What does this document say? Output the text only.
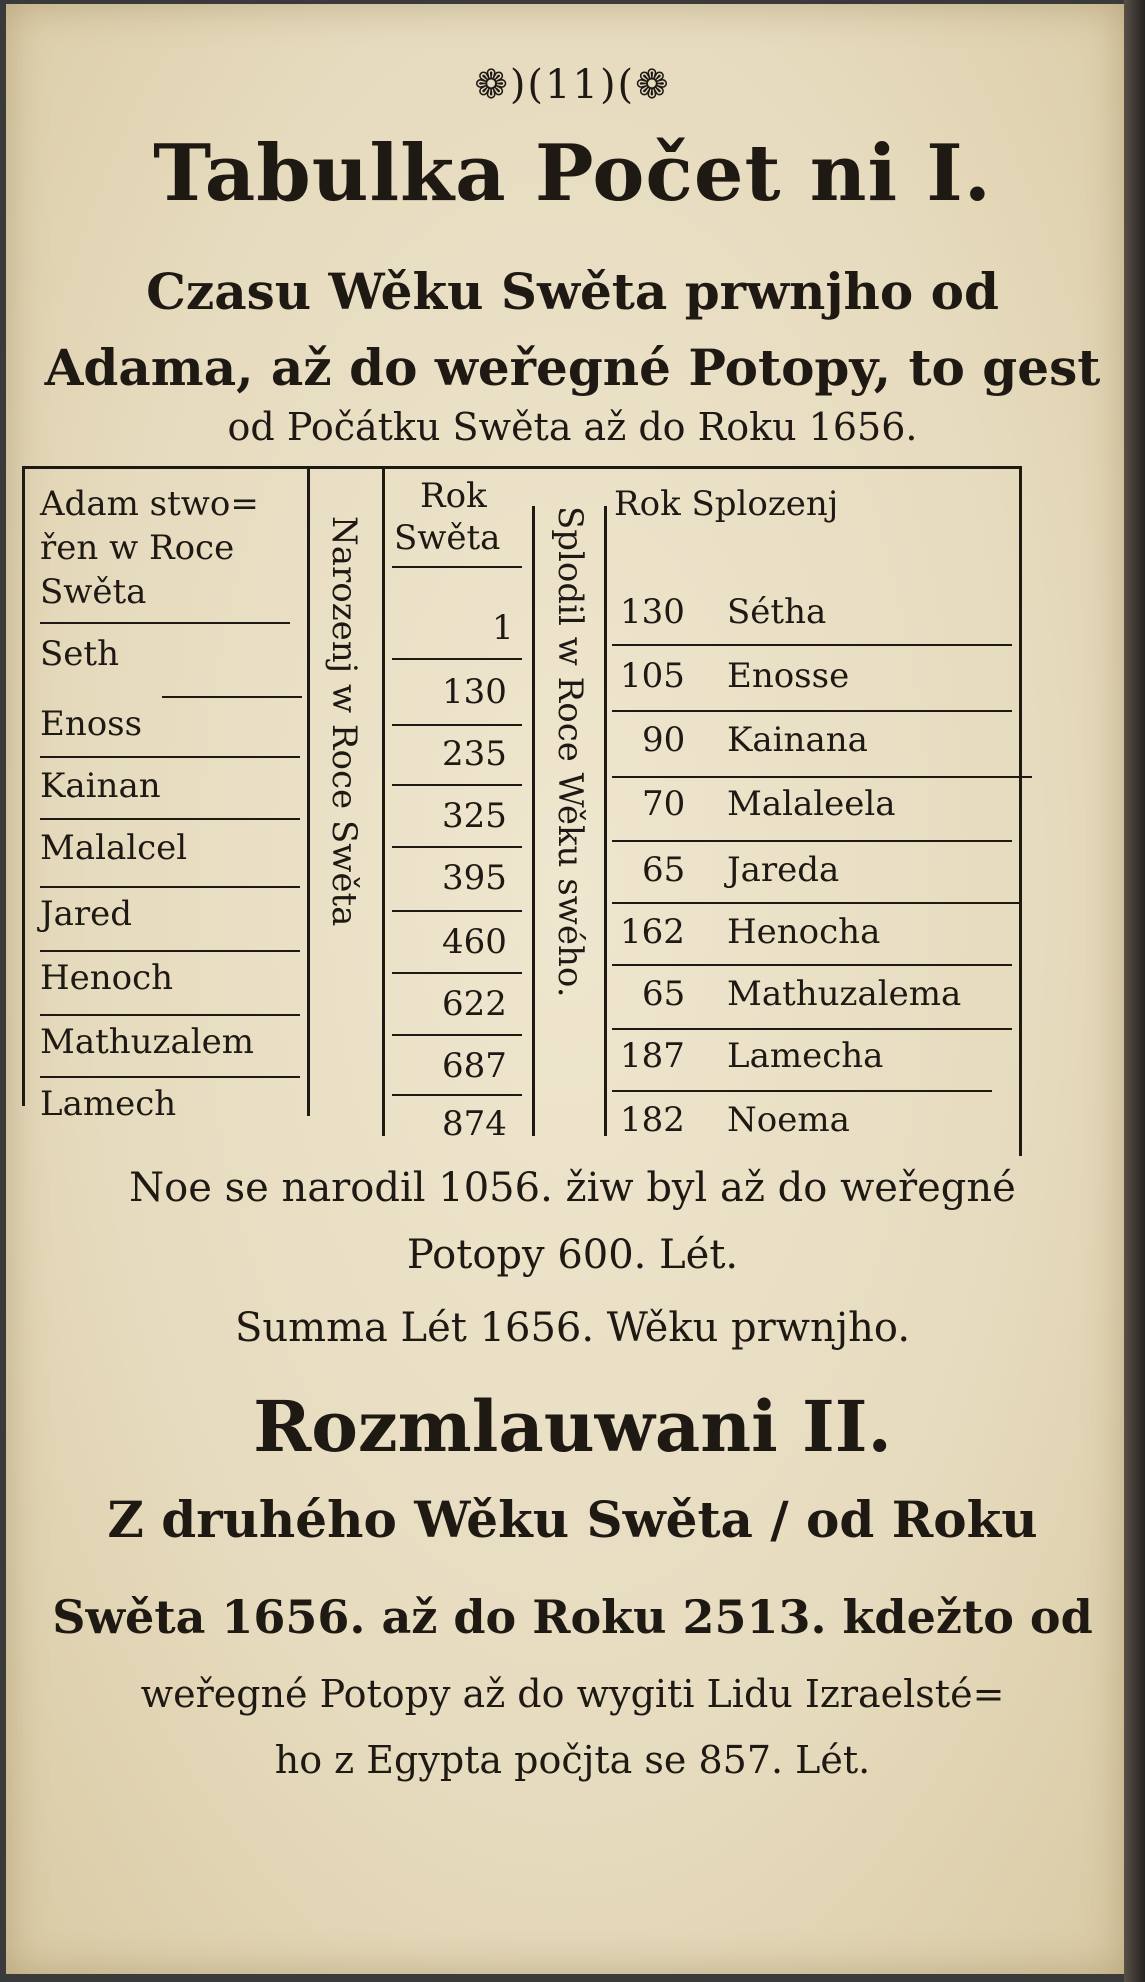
❁)(11)(❁
Tabulka Počet ni I.
Czasu Wěku Swěta prwnjho od
Adama, až do weřegné Potopy, to gest
od Počátku Swěta až do Roku 1656.
Adam stwo=
řen w Roce
Swěta
Seth
Enoss
Kainan
Malalcel
Jared
Henoch
Mathuzalem
Lamech
Narozenj w Roce Swěta
Rok
Swěta
1
130
235
325
395
460
622
687
874
Splodil w Roce Wěku swého.
Rok Splozenj
130 Sétha
105 Enosse
90 Kainana
70 Malaleela
65 Jareda
162 Henocha
65 Mathuzalema
187 Lamecha
182 Noema
Noe se narodil 1056. žiw byl až do weřegné
Potopy 600. Lét.
Summa Lét 1656. Wěku prwnjho.
Rozmlauwani II.
Z druhého Wěku Swěta / od Roku
Swěta 1656. až do Roku 2513. kdežto od
weřegné Potopy až do wygiti Lidu Izraelsté=
ho z Egypta počjta se 857. Lét.
